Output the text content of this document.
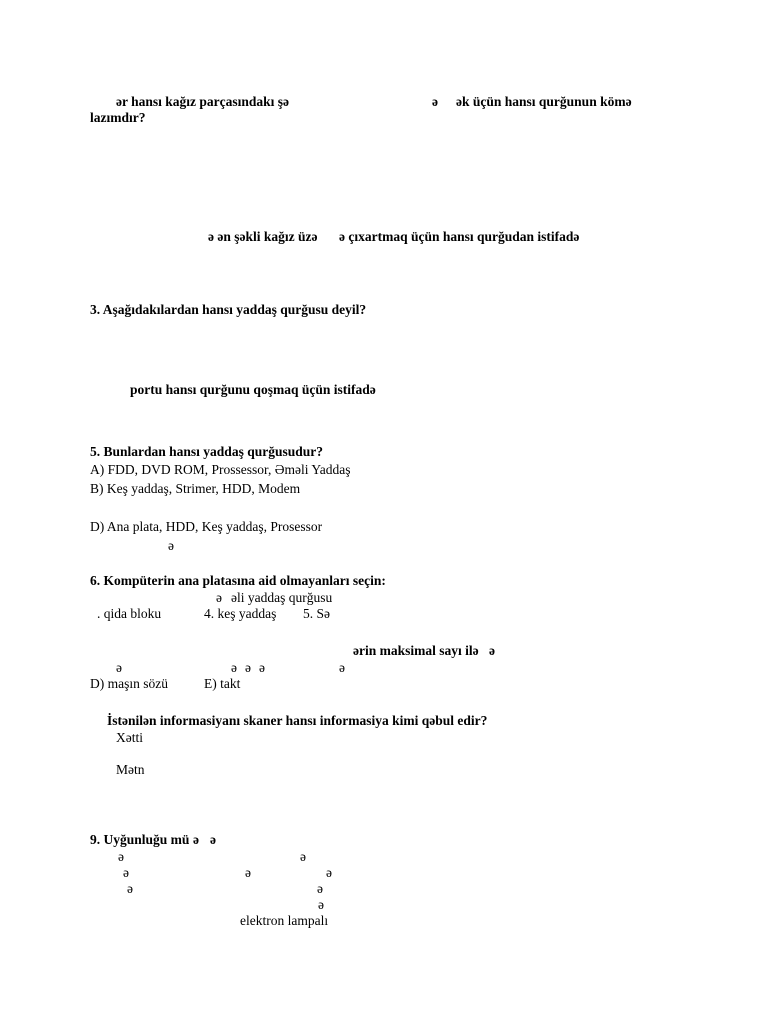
ər hansı kağız parçasındakı şə	ə ək üçün hansı qurğunun kömə
lazımdır?
ə ən şəkli kağız üzə ə çıxartmaq üçün hansı qurğudan istifadə
3. Aşağıdakılardan hansı yaddaş qurğusu deyil?
portu hansı qurğunu qoşmaq üçün istifadə
5. Bunlardan hansı yaddaş qurğusudur?
A) FDD, DVD ROM, Prossessor, Əməli Yaddaş
B) Keş yaddaş, Strimer, HDD, Modem
D) Ana plata, HDD, Keş yaddaş, Prosessor
ə
6. Kompüterin ana platasına aid olmayanları seçin:
ə əli yaddaş qurğusu
. qida bloku	4. keş yaddaş 5. Sə
ərin maksimal sayı ilə ə
ə	ə ə ə	ə
D) maşın sözü	E) takt
İstənilən informasiyanı skaner hansı informasiya kimi qəbul edir?
Xətti
Mətn
9. Uyğunluğu mü ə ə
ə	ə
ə	ə	ə
ə	ə
ə
elektron lampalı
